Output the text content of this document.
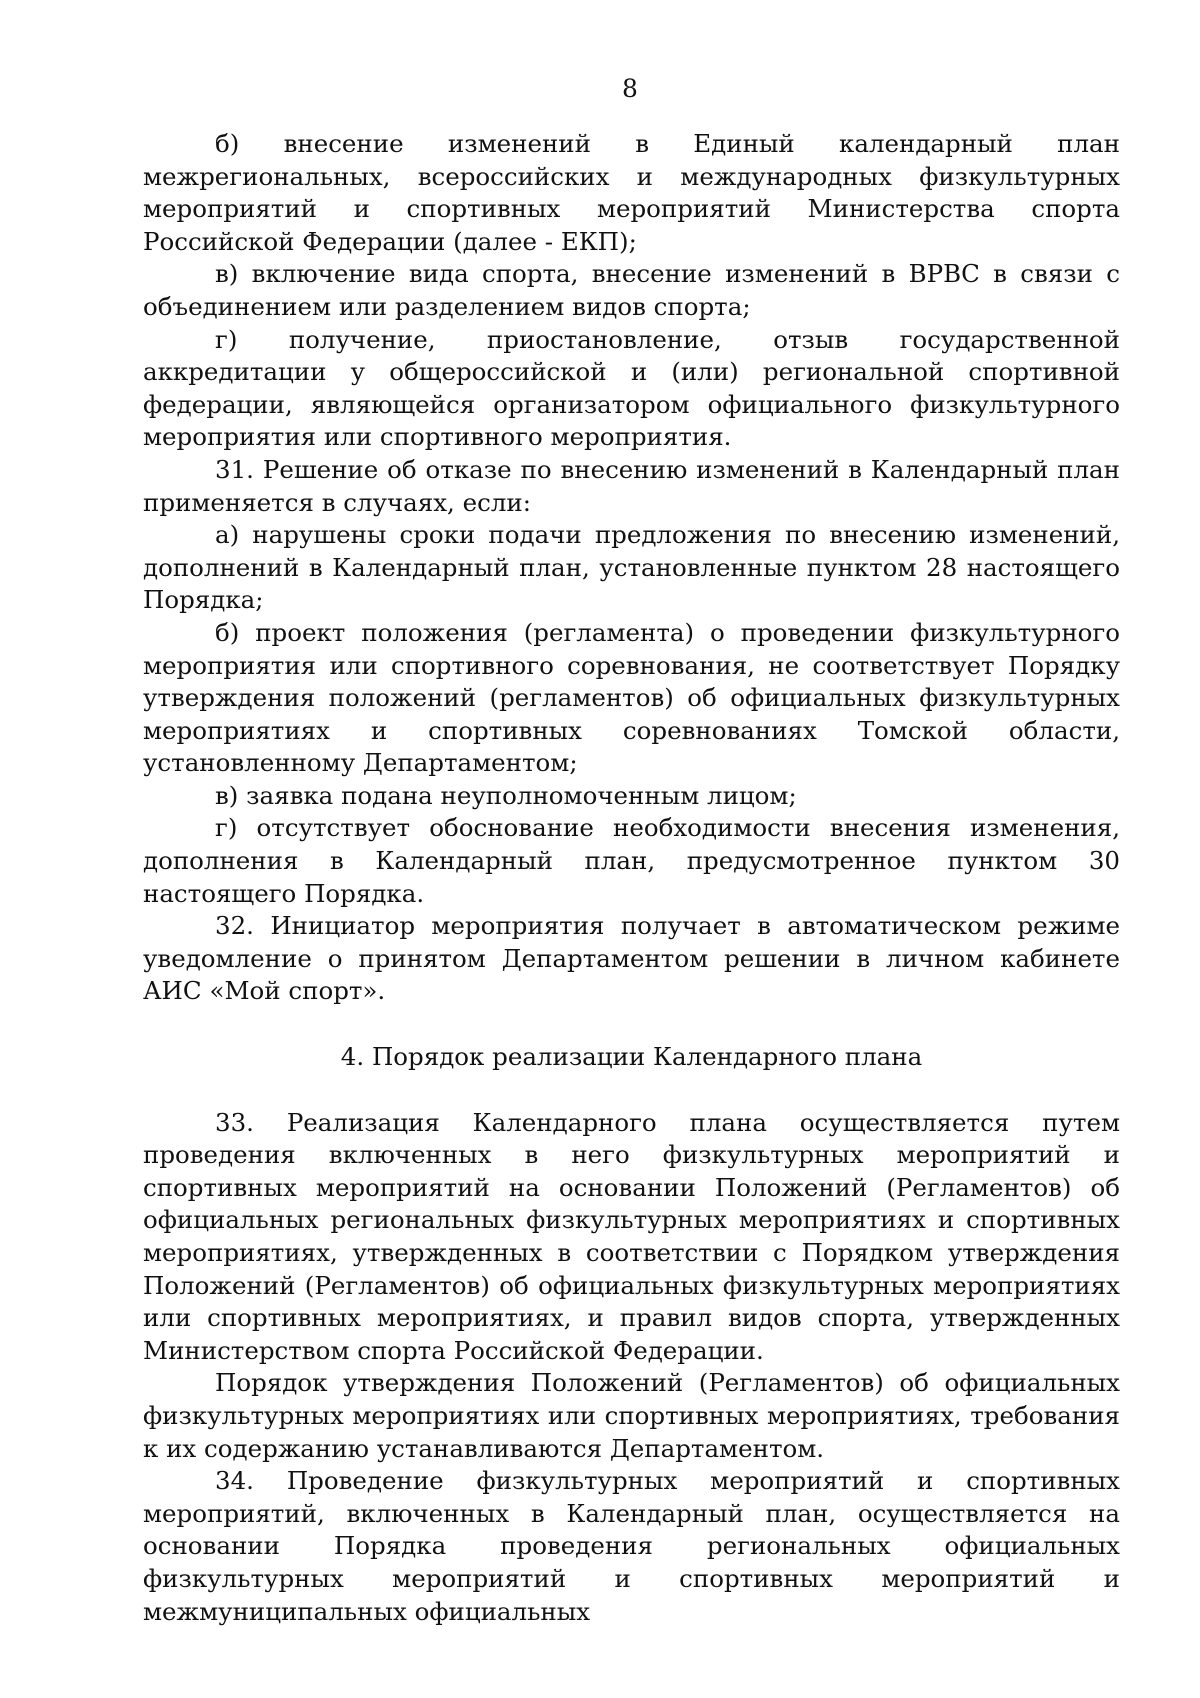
8

б) внесение изменений в Единый календарный план межрегиональных, всероссийских и международных физкультурных мероприятий и спортивных мероприятий Министерства спорта Российской Федерации (далее - ЕКП);

в) включение вида спорта, внесение изменений в ВРВС в связи с объединением или разделением видов спорта;

г) получение, приостановление, отзыв государственной аккредитации у общероссийской и (или) региональной спортивной федерации, являющейся организатором официального физкультурного мероприятия или спортивного мероприятия.

31. Решение об отказе по внесению изменений в Календарный план применяется в случаях, если:

а) нарушены сроки подачи предложения по внесению изменений, дополнений в Календарный план, установленные пунктом 28 настоящего Порядка;

б) проект положения (регламента) о проведении физкультурного мероприятия или спортивного соревнования, не соответствует Порядку утверждения положений (регламентов) об официальных физкультурных мероприятиях и спортивных соревнованиях Томской области, установленному Департаментом;

в) заявка подана неуполномоченным лицом;

г) отсутствует обоснование необходимости внесения изменения, дополнения в Календарный план, предусмотренное пунктом 30 настоящего Порядка.

32. Инициатор мероприятия получает в автоматическом режиме уведомление о принятом Департаментом решении в личном кабинете АИС «Мой спорт».

4. Порядок реализации Календарного плана

33. Реализация Календарного плана осуществляется путем проведения включенных в него физкультурных мероприятий и спортивных мероприятий на основании Положений (Регламентов) об официальных региональных физкультурных мероприятиях и спортивных мероприятиях, утвержденных в соответствии с Порядком утверждения Положений (Регламентов) об официальных физкультурных мероприятиях или спортивных мероприятиях, и правил видов спорта, утвержденных Министерством спорта Российской Федерации.

Порядок утверждения Положений (Регламентов) об официальных физкультурных мероприятиях или спортивных мероприятиях, требования к их содержанию устанавливаются Департаментом.

34. Проведение физкультурных мероприятий и спортивных мероприятий, включенных в Календарный план, осуществляется на основании Порядка проведения региональных официальных физкультурных мероприятий и спортивных мероприятий и межмуниципальных официальных
